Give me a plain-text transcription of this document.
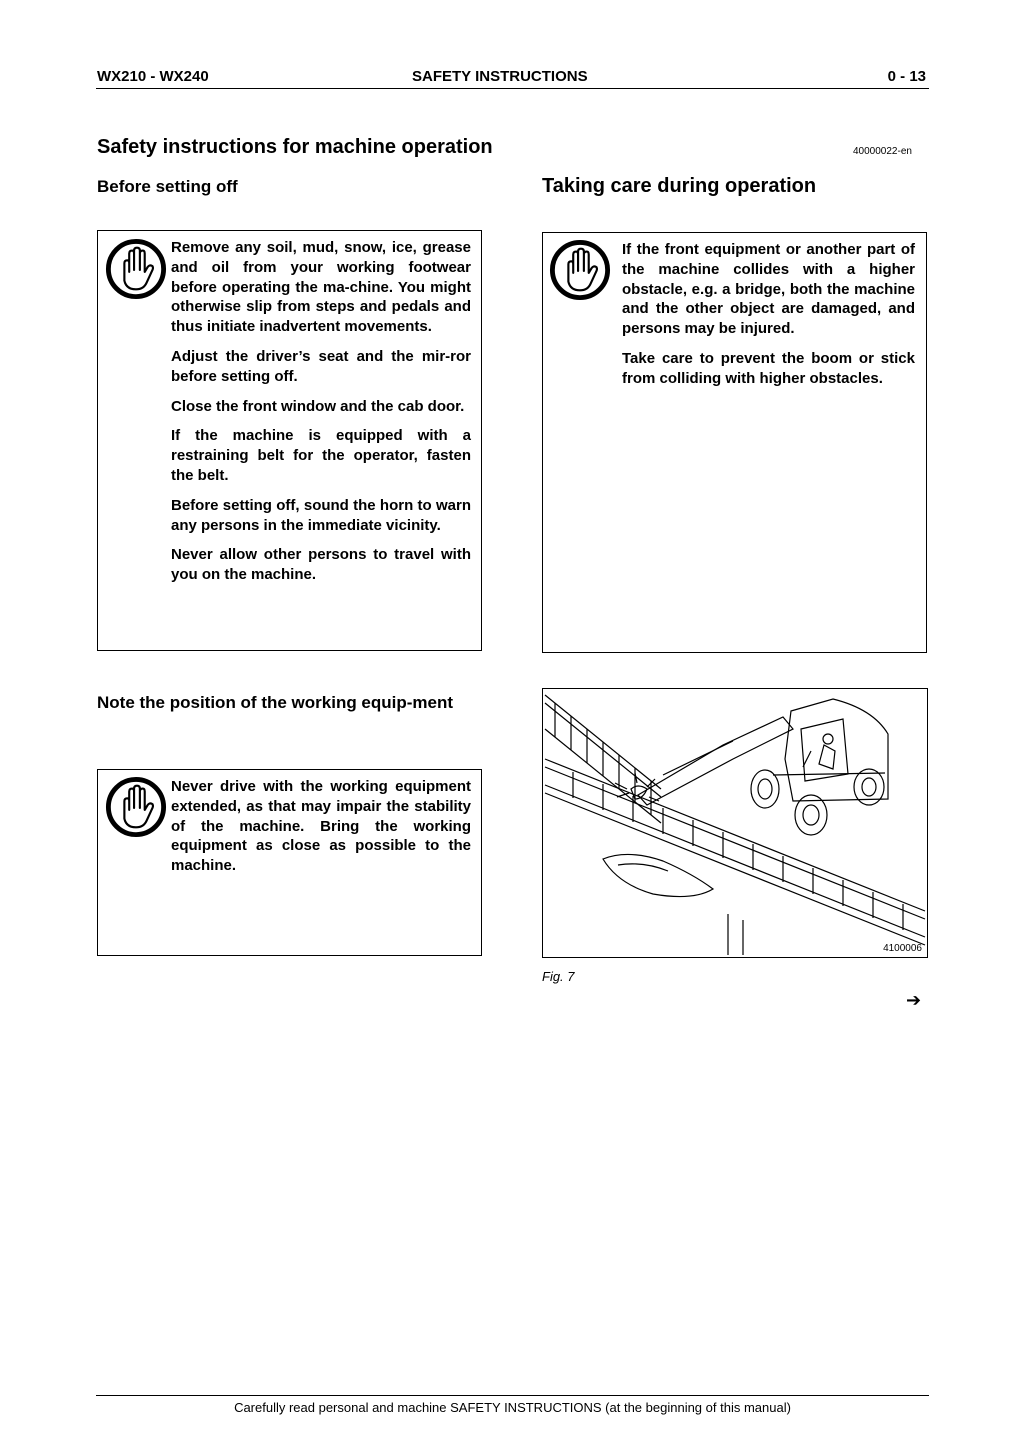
WX210 - WX240	SAFETY INSTRUCTIONS	0 - 13
Safety instructions for machine operation	40000022-en
Before setting off

Remove any soil, mud, snow, ice, grease and oil from your working footwear before operating the ma-chine. You might otherwise slip from steps and pedals and thus initiate inadvertent movements.

Adjust the driver’s seat and the mir-ror before setting off.

Close the front window and the cab door.

If the machine is equipped with a restraining belt for the operator, fasten the belt.

Before setting off, sound the horn to warn any persons in the immediate vicinity.

Never allow other persons to travel with you on the machine.

Note the position of the working equip-ment

Never drive with the working equipment extended, as that may impair the stability of the machine. Bring the working equipment as close as possible to the machine.

Taking care during operation

If the front equipment or another part of the machine collides with a higher obstacle, e.g. a bridge, both the machine and the other object are damaged, and persons may be injured.

Take care to prevent the boom or stick from colliding with higher obstacles.

4100006
Fig. 7
➔
Carefully read personal and machine SAFETY INSTRUCTIONS (at the beginning of this manual)
